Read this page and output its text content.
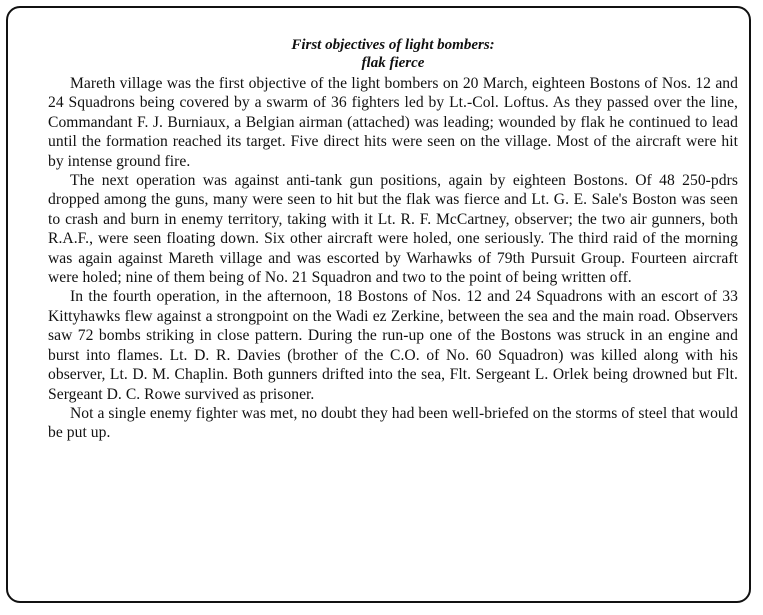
First objectives of light bombers:
flak fierce

Mareth village was the first objective of the light bombers on 20 March, eighteen Bostons of Nos. 12 and 24 Squadrons being covered by a swarm of 36 fighters led by Lt.-Col. Loftus. As they passed over the line, Commandant F. J. Burniaux, a Belgian airman (attached) was leading; wounded by flak he continued to lead until the formation reached its target. Five direct hits were seen on the village. Most of the aircraft were hit by intense ground fire.

The next operation was against anti-tank gun positions, again by eighteen Bostons. Of 48 250-pdrs dropped among the guns, many were seen to hit but the flak was fierce and Lt. G. E. Sale's Boston was seen to crash and burn in enemy territory, taking with it Lt. R. F. McCartney, observer; the two air gunners, both R.A.F., were seen floating down. Six other aircraft were holed, one seriously. The third raid of the morning was again against Mareth village and was escorted by Warhawks of 79th Pursuit Group. Fourteen aircraft were holed; nine of them being of No. 21 Squadron and two to the point of being written off.

In the fourth operation, in the afternoon, 18 Bostons of Nos. 12 and 24 Squadrons with an escort of 33 Kittyhawks flew against a strongpoint on the Wadi ez Zerkine, between the sea and the main road. Observers saw 72 bombs striking in close pattern. During the run-up one of the Bostons was struck in an engine and burst into flames. Lt. D. R. Davies (brother of the C.O. of No. 60 Squadron) was killed along with his observer, Lt. D. M. Chaplin. Both gunners drifted into the sea, Flt. Sergeant L. Orlek being drowned but Flt. Sergeant D. C. Rowe survived as prisoner.

Not a single enemy fighter was met, no doubt they had been well-briefed on the storms of steel that would be put up.
